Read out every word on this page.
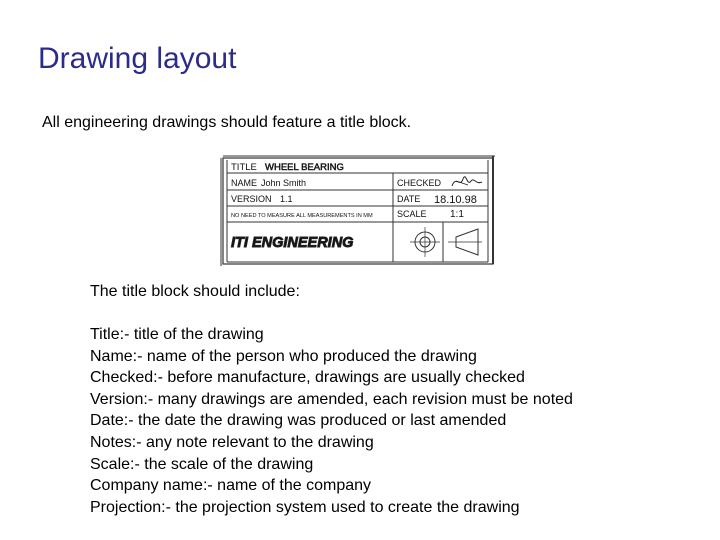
Drawing layout

All engineering drawings should feature a title block.

TITLE WHEEL BEARING
NAME John Smith	CHECKED
VERSION 1.1	DATE 18.10.98
NO NEED TO MEASURE ALL MEASUREMENTS IN MM	SCALE 1:1
ITI ENGINEERING

The title block should include:

Title:- title of the drawing
Name:- name of the person who produced the drawing
Checked:- before manufacture, drawings are usually checked
Version:- many drawings are amended, each revision must be noted
Date:- the date the drawing was produced or last amended
Notes:- any note relevant to the drawing
Scale:- the scale of the drawing
Company name:- name of the company
Projection:- the projection system used to create the drawing
